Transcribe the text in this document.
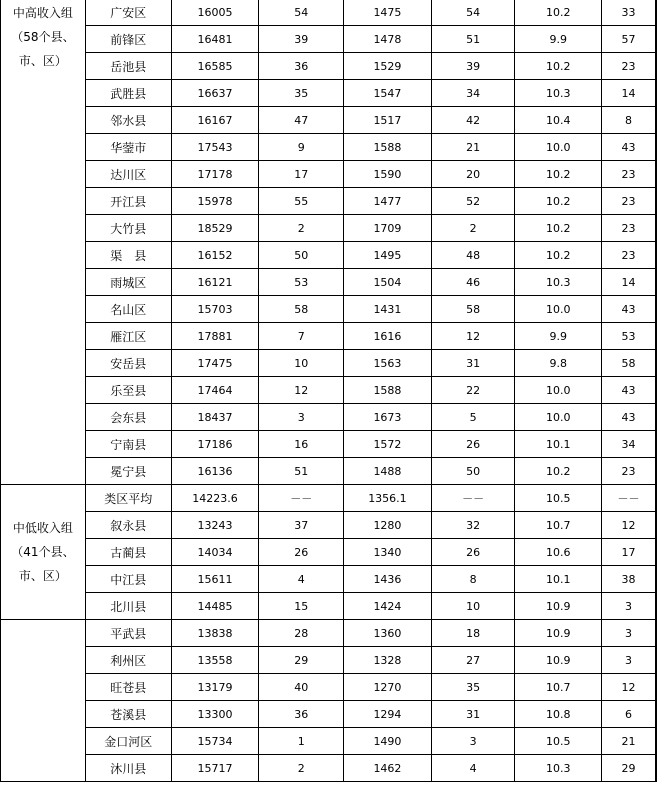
中高收入组
（58个县、
市、区）	广安区	16005	54	1475	54	10.2	33	
	前锋区	16481	39	1478	51	9.9	57	
	岳池县	16585	36	1529	39	10.2	23	
	武胜县	16637	35	1547	34	10.3	14	
	邻水县	16167	47	1517	42	10.4	8	
	华蓥市	17543	9	1588	21	10.0	43	
	达川区	17178	17	1590	20	10.2	23	
	开江县	15978	55	1477	52	10.2	23	
	大竹县	18529	2	1709	2	10.2	23	
	渠　县	16152	50	1495	48	10.2	23	
	雨城区	16121	53	1504	46	10.3	14	
	名山区	15703	58	1431	58	10.0	43	
	雁江区	17881	7	1616	12	9.9	53	
	安岳县	17475	10	1563	31	9.8	58	
	乐至县	17464	12	1588	22	10.0	43	
	会东县	18437	3	1673	5	10.0	43	
	宁南县	17186	16	1572	26	10.1	34	
	冕宁县	16136	51	1488	50	10.2	23	

中低收入组
（41个县、
市、区）	类区平均	14223.6	－－	1356.1	－－	10.5	－－	
	叙永县	13243	37	1280	32	10.7	12	
	古蔺县	14034	26	1340	26	10.6	17	
	中江县	15611	4	1436	8	10.1	38	
	北川县	14485	15	1424	10	10.9	3	
	平武县	13838	28	1360	18	10.9	3	
	利州区	13558	29	1328	27	10.9	3	
	旺苍县	13179	40	1270	35	10.7	12	
	苍溪县	13300	36	1294	31	10.8	6	
	金口河区	15734	1	1490	3	10.5	21	
	沐川县	15717	2	1462	4	10.3	29	
